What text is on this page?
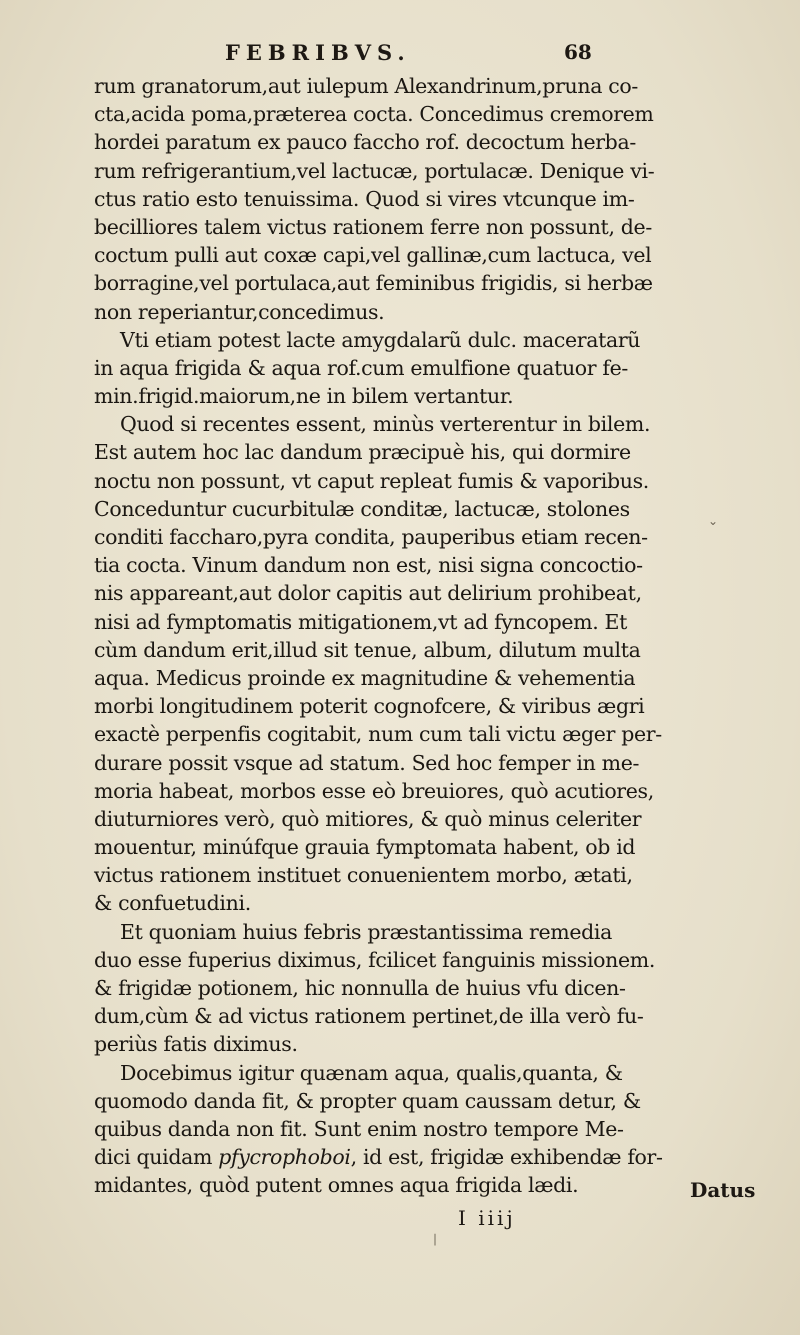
FEBRIBVS.	68
rum granatorum,aut iulepum Alexandrinum,pruna co-
cta,acida poma,præterea cocta. Concedimus cremorem
hordei paratum ex pauco faccho rof. decoctum herba-
rum refrigerantium,vel lactucæ, portulacæ. Denique vi-
ctus ratio esto tenuissima. Quod si vires vtcunque im-
becilliores talem victus rationem ferre non possunt, de-
coctum pulli aut coxæ capi,vel gallinæ,cum lactuca, vel
borragine,vel portulaca,aut feminibus frigidis, si herbæ
non reperiantur,concedimus.
Vti etiam potest lacte amygdalarũ dulc. maceratarũ
in aqua frigida & aqua rof.cum emulfione quatuor fe-
min.frigid.maiorum,ne in bilem vertantur.
Quod si recentes essent, minùs verterentur in bilem.
Est autem hoc lac dandum præcipuè his, qui dormire
noctu non possunt, vt caput repleat fumis & vaporibus.
Conceduntur cucurbitulæ conditæ, lactucæ, stolones
conditi faccharo,pyra condita, pauperibus etiam recen-
tia cocta. Vinum dandum non est, nisi signa concoctio-
nis appareant,aut dolor capitis aut delirium prohibeat,
nisi ad fymptomatis mitigationem,vt ad fyncopem. Et
cùm dandum erit,illud sit tenue, album, dilutum multa
aqua. Medicus proinde ex magnitudine & vehementia
morbi longitudinem poterit cognofcere, & viribus ægri
exactè perpenfis cogitabit, num cum tali victu æger per-
durare possit vsque ad statum. Sed hoc femper in me-
moria habeat, morbos esse eò breuiores, quò acutiores,
diuturniores verò, quò mitiores, & quò minus celeriter
mouentur, minúfque grauia fymptomata habent, ob id
victus rationem instituet conuenientem morbo, ætati,
& confuetudini.
Et quoniam huius febris præstantissima remedia
duo esse fuperius diximus, fcilicet fanguinis missionem.
& frigidæ potionem, hic nonnulla de huius vfu dicen-
dum,cùm & ad victus rationem pertinet,de illa verò fu-
periùs fatis diximus.
Docebimus igitur quænam aqua, qualis,quanta, &
quomodo danda fit, & propter quam caussam detur, &
quibus danda non fit. Sunt enim nostro tempore Me-
dici quidam pfycrophoboi, id est, frigidæ exhibendæ for-
midantes, quòd putent omnes aqua frigida lædi.	Datus
I iiij
⌄
∣
